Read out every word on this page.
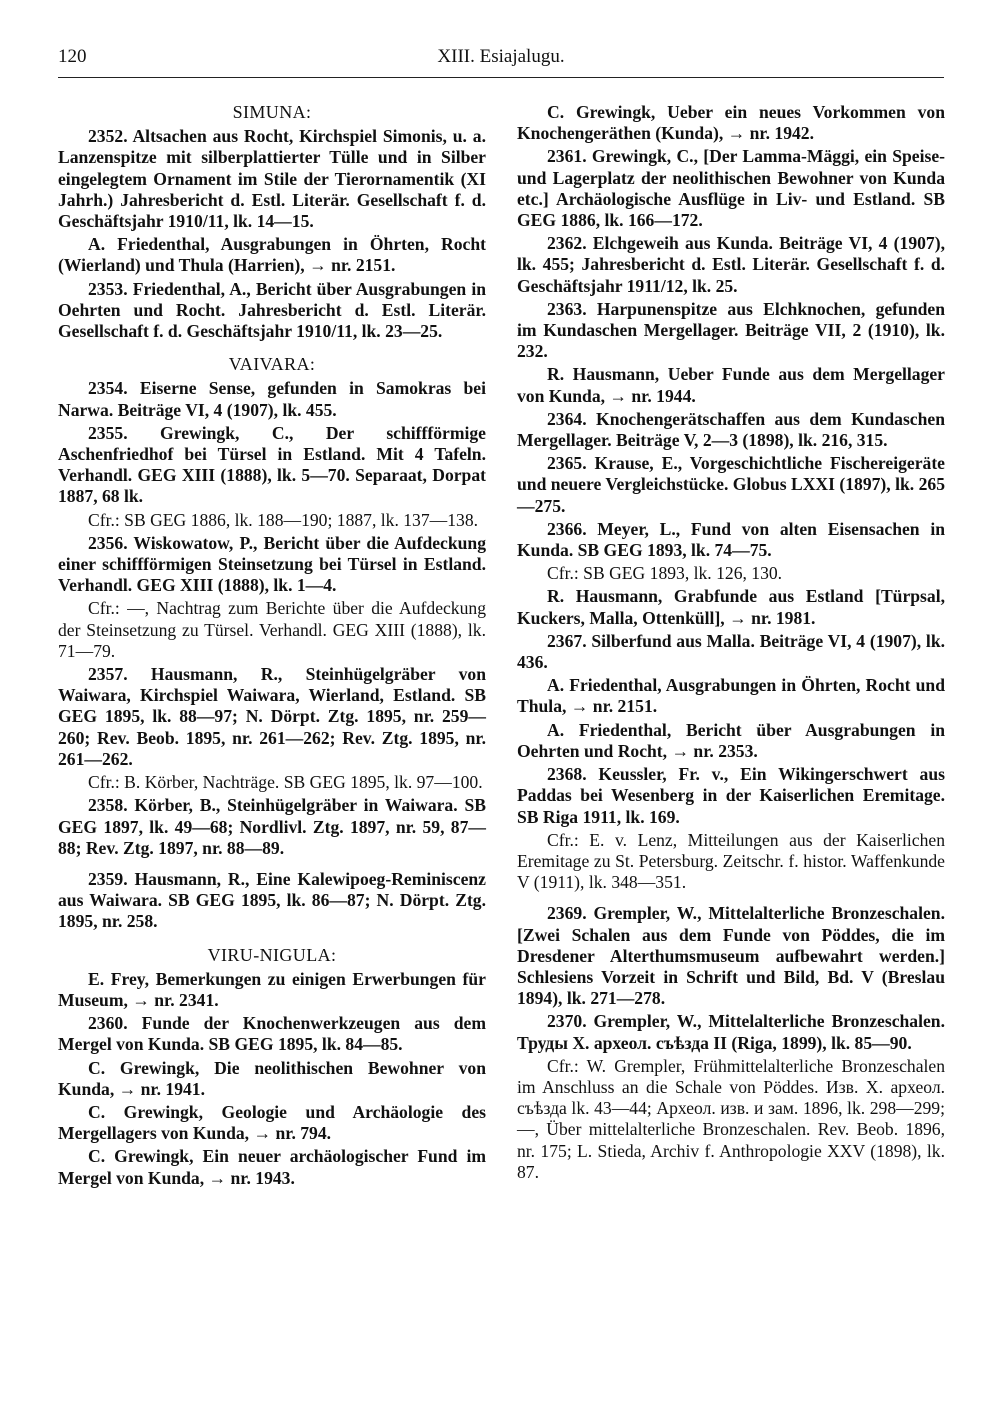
120	XIII. Esiajalugu.
SIMUNA:

2352. Altsachen aus Rocht, Kirchspiel Simonis, u. a. Lanzenspitze mit silberplattierter Tülle und in Silber eingelegtem Ornament im Stile der Tierornamentik (XI Jahrh.) Jahresbericht d. Estl. Literär. Gesellschaft f. d. Geschäftsjahr 1910/11, lk. 14—15.

A. Friedenthal, Ausgrabungen in Öhrten, Rocht (Wierland) und Thula (Harrien), → nr. 2151.

2353. Friedenthal, A., Bericht über Ausgrabungen in Oehrten und Rocht. Jahresbericht d. Estl. Literär. Gesellschaft f. d. Geschäftsjahr 1910/11, lk. 23—25.

VAIVARA:

2354. Eiserne Sense, gefunden in Samokras bei Narwa. Beiträge VI, 4 (1907), lk. 455.

2355. Grewingk, C., Der schiffförmige Aschenfriedhof bei Türsel in Estland. Mit 4 Tafeln. Verhandl. GEG XIII (1888), lk. 5—70. Separaat, Dorpat 1887, 68 lk.

Cfr.: SB GEG 1886, lk. 188—190; 1887, lk. 137—138.

2356. Wiskowatow, P., Bericht über die Aufdeckung einer schiffförmigen Steinsetzung bei Türsel in Estland. Verhandl. GEG XIII (1888), lk. 1—4.

Cfr.: —, Nachtrag zum Berichte über die Aufdeckung der Steinsetzung zu Türsel. Verhandl. GEG XIII (1888), lk. 71—79.

2357. Hausmann, R., Steinhügelgräber von Waiwara, Kirchspiel Waiwara, Wierland, Estland. SB GEG 1895, lk. 88—97; N. Dörpt. Ztg. 1895, nr. 259—260; Rev. Beob. 1895, nr. 261—262; Rev. Ztg. 1895, nr. 261—262.

Cfr.: B. Körber, Nachträge. SB GEG 1895, lk. 97—100.

2358. Körber, B., Steinhügelgräber in Waiwara. SB GEG 1897, lk. 49—68; Nordlivl. Ztg. 1897, nr. 59, 87—88; Rev. Ztg. 1897, nr. 88—89.

2359. Hausmann, R., Eine Kalewipoeg-Reminiscenz aus Waiwara. SB GEG 1895, lk. 86—87; N. Dörpt. Ztg. 1895, nr. 258.

VIRU-NIGULA:

E. Frey, Bemerkungen zu einigen Erwerbungen für Museum, → nr. 2341.

2360. Funde der Knochenwerkzeugen aus dem Mergel von Kunda. SB GEG 1895, lk. 84—85.

C. Grewingk, Die neolithischen Bewohner von Kunda, → nr. 1941.

C. Grewingk, Geologie und Archäologie des Mergellagers von Kunda, → nr. 794.

C. Grewingk, Ein neuer archäologischer Fund im Mergel von Kunda, → nr. 1943.

C. Grewingk, Ueber ein neues Vorkommen von Knochengeräthen (Kunda), → nr. 1942.

2361. Grewingk, C., [Der Lamma-Mäggi, ein Speise- und Lagerplatz der neolithischen Bewohner von Kunda etc.] Archäologische Ausflüge in Liv- und Estland. SB GEG 1886, lk. 166—172.

2362. Elchgeweih aus Kunda. Beiträge VI, 4 (1907), lk. 455; Jahresbericht d. Estl. Literär. Gesellschaft f. d. Geschäftsjahr 1911/12, lk. 25.

2363. Harpunenspitze aus Elchknochen, gefunden im Kundaschen Mergellager. Beiträge VII, 2 (1910), lk. 232.

R. Hausmann, Ueber Funde aus dem Mergellager von Kunda, → nr. 1944.

2364. Knochengerätschaffen aus dem Kundaschen Mergellager. Beiträge V, 2—3 (1898), lk. 216, 315.

2365. Krause, E., Vorgeschichtliche Fischereigeräte und neuere Vergleichstücke. Globus LXXI (1897), lk. 265—275.

2366. Meyer, L., Fund von alten Eisensachen in Kunda. SB GEG 1893, lk. 74—75.

Cfr.: SB GEG 1893, lk. 126, 130.

R. Hausmann, Grabfunde aus Estland [Türpsal, Kuckers, Malla, Ottenküll], → nr. 1981.

2367. Silberfund aus Malla. Beiträge VI, 4 (1907), lk. 436.

A. Friedenthal, Ausgrabungen in Öhrten, Rocht und Thula, → nr. 2151.

A. Friedenthal, Bericht über Ausgrabungen in Oehrten und Rocht, → nr. 2353.

2368. Keussler, Fr. v., Ein Wikingerschwert aus Paddas bei Wesenberg in der Kaiserlichen Eremitage. SB Riga 1911, lk. 169.

Cfr.: E. v. Lenz, Mitteilungen aus der Kaiserlichen Eremitage zu St. Petersburg. Zeitschr. f. histor. Waffenkunde V (1911), lk. 348—351.

2369. Grempler, W., Mittelalterliche Bronzeschalen. [Zwei Schalen aus dem Funde von Pöddes, die im Dresdener Alterthumsmuseum aufbewahrt werden.] Schlesiens Vorzeit in Schrift und Bild, Bd. V (Breslau 1894), lk. 271—278.

2370. Grempler, W., Mittelalterliche Bronzeschalen. Труды X. археол. съѣзда II (Riga, 1899), lk. 85—90.

Cfr.: W. Grempler, Frühmittelalterliche Bronzeschalen im Anschluss an die Schale von Pöddes. Изв. X. археол. съѣзда lk. 43—44; Археол. изв. и зам. 1896, lk. 298—299; —, Über mittelalterliche Bronzeschalen. Rev. Beob. 1896, nr. 175; L. Stieda, Archiv f. Anthropologie XXV (1898), lk. 87.
